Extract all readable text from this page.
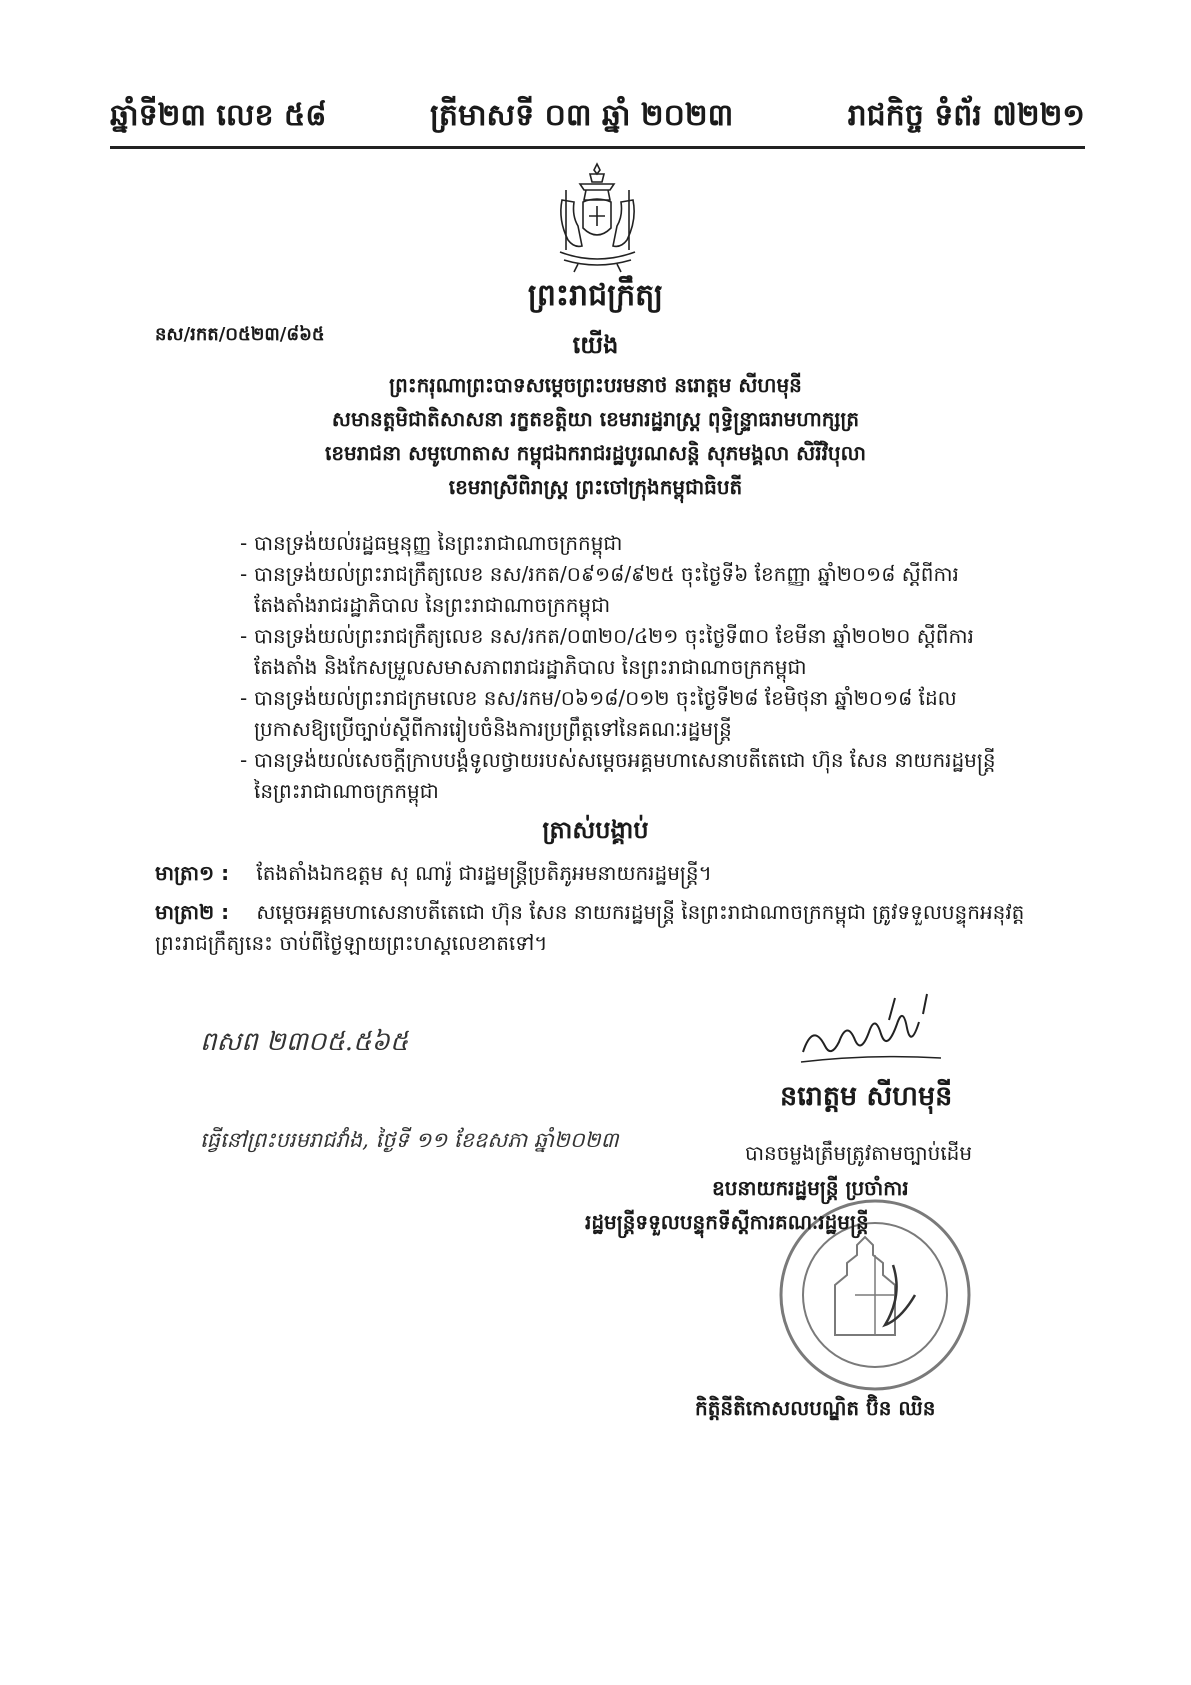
ឆ្នាំទី២៣ លេខ ៥៨	ត្រីមាសទី ០៣ ឆ្នាំ ២០២៣	រាជកិច្ច ទំព័រ ៧២២១
ព្រះរាជក្រឹត្យ
នស/រកត/០៥២៣/៨៦៥	យើង
ព្រះករុណាព្រះបាទសម្តេចព្រះបរមនាថ នរោត្តម សីហមុនី
សមានត្តមិជាតិសាសនា រក្ខតខត្តិយា ខេមរារដ្ឋរាស្ត្រ ពុទ្ធិន្ទ្រាធរាមហាក្សត្រ
ខេមរាជនា សមូហោតាស កម្ពុជឯករាជរដ្ឋបូរណសន្តិ សុភមង្គលា សិរីវិបុលា
ខេមរាស្រីពិរាស្ត្រ ព្រះចៅក្រុងកម្ពុជាធិបតី
- បានទ្រង់យល់រដ្ឋធម្មនុញ្ញ នៃព្រះរាជាណាចក្រកម្ពុជា
- បានទ្រង់យល់ព្រះរាជក្រឹត្យលេខ នស/រកត/០៩១៨/៩២៥ ចុះថ្ងៃទី៦ ខែកញ្ញា ឆ្នាំ២០១៨ ស្តីពីការតែងតាំងរាជរដ្ឋាភិបាល នៃព្រះរាជាណាចក្រកម្ពុជា
- បានទ្រង់យល់ព្រះរាជក្រឹត្យលេខ នស/រកត/០៣២០/៤២១ ចុះថ្ងៃទី៣០ ខែមីនា ឆ្នាំ២០២០ ស្តីពីការតែងតាំង និងកែសម្រួលសមាសភាពរាជរដ្ឋាភិបាល នៃព្រះរាជាណាចក្រកម្ពុជា
- បានទ្រង់យល់ព្រះរាជក្រមលេខ នស/រកម/០៦១៨/០១២ ចុះថ្ងៃទី២៨ ខែមិថុនា ឆ្នាំ២០១៨ ដែលប្រកាសឱ្យប្រើច្បាប់ស្តីពីការរៀបចំនិងការប្រព្រឹត្តទៅនៃគណៈរដ្ឋមន្ត្រី
- បានទ្រង់យល់សេចក្តីក្រាបបង្គំទូលថ្វាយរបស់សម្តេចអគ្គមហាសេនាបតីតេជោ ហ៊ុន សែន នាយករដ្ឋមន្ត្រី នៃព្រះរាជាណាចក្រកម្ពុជា
ត្រាស់បង្គាប់
មាត្រា១ : តែងតាំងឯកឧត្តម សុ ណារ៉ូ ជារដ្ឋមន្ត្រីប្រតិភូអមនាយករដ្ឋមន្ត្រី។
មាត្រា២ : សម្តេចអគ្គមហាសេនាបតីតេជោ ហ៊ុន សែន នាយករដ្ឋមន្ត្រី នៃព្រះរាជាណាចក្រកម្ពុជា ត្រូវទទួលបន្ទុកអនុវត្តព្រះរាជក្រឹត្យនេះ ចាប់ពីថ្ងៃឡាយព្រះហស្តលេខាតទៅ។
ពសព ២៣០៥.៥៦៥
ធ្វើនៅព្រះបរមរាជវាំង, ថ្ងៃទី ១១ ខែឧសភា ឆ្នាំ២០២៣
នរោត្តម សីហមុនី
បានចម្លងត្រឹមត្រូវតាមច្បាប់ដើម
ឧបនាយករដ្ឋមន្ត្រី ប្រចាំការ
រដ្ឋមន្ត្រីទទួលបន្ទុកទីស្តីការគណៈរដ្ឋមន្ត្រី
កិត្តិនីតិកោសលបណ្ឌិត ប៊ិន ឈិន
